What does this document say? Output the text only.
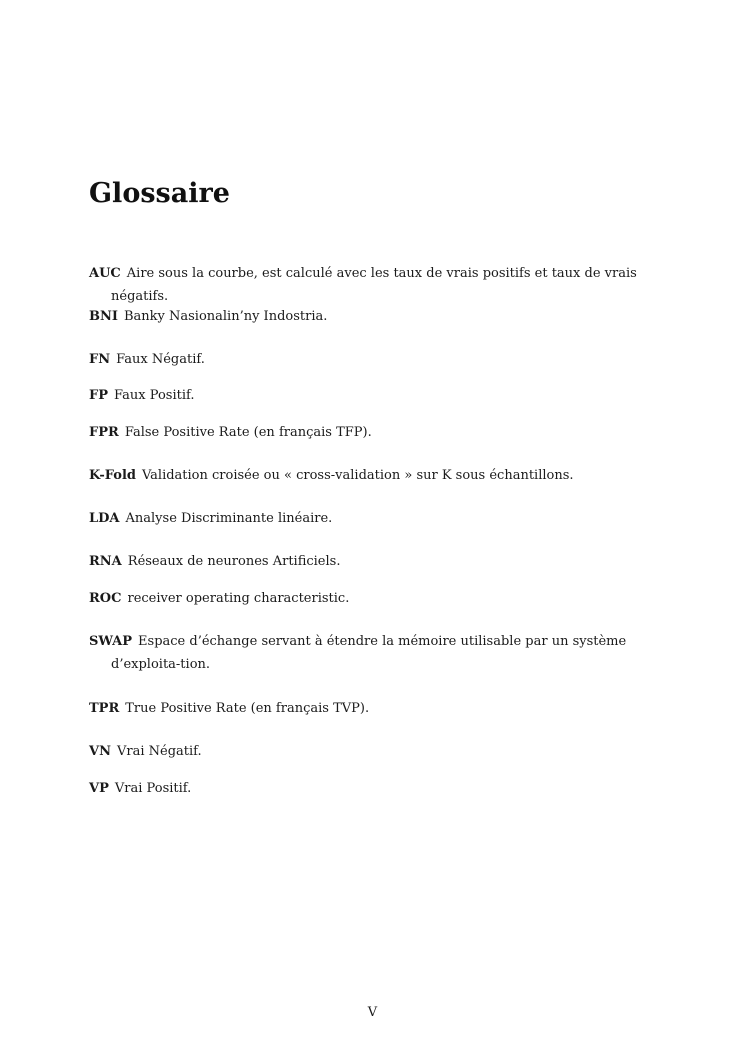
Glossaire
AUC Aire sous la courbe, est calculé avec les taux de vrais positifs et taux de vrais négatifs.
BNI Banky Nasionalin’ny Indostria.
FN Faux Négatif.
FP Faux Positif.
FPR False Positive Rate (en français TFP).
K-Fold Validation croisée ou « cross-validation » sur K sous échantillons.
LDA Analyse Discriminante linéaire.
RNA Réseaux de neurones Artificiels.
ROC receiver operating characteristic.
SWAP Espace d’échange servant à étendre la mémoire utilisable par un système d’exploita-tion.
TPR True Positive Rate (en français TVP).
VN Vrai Négatif.
VP Vrai Positif.
V
